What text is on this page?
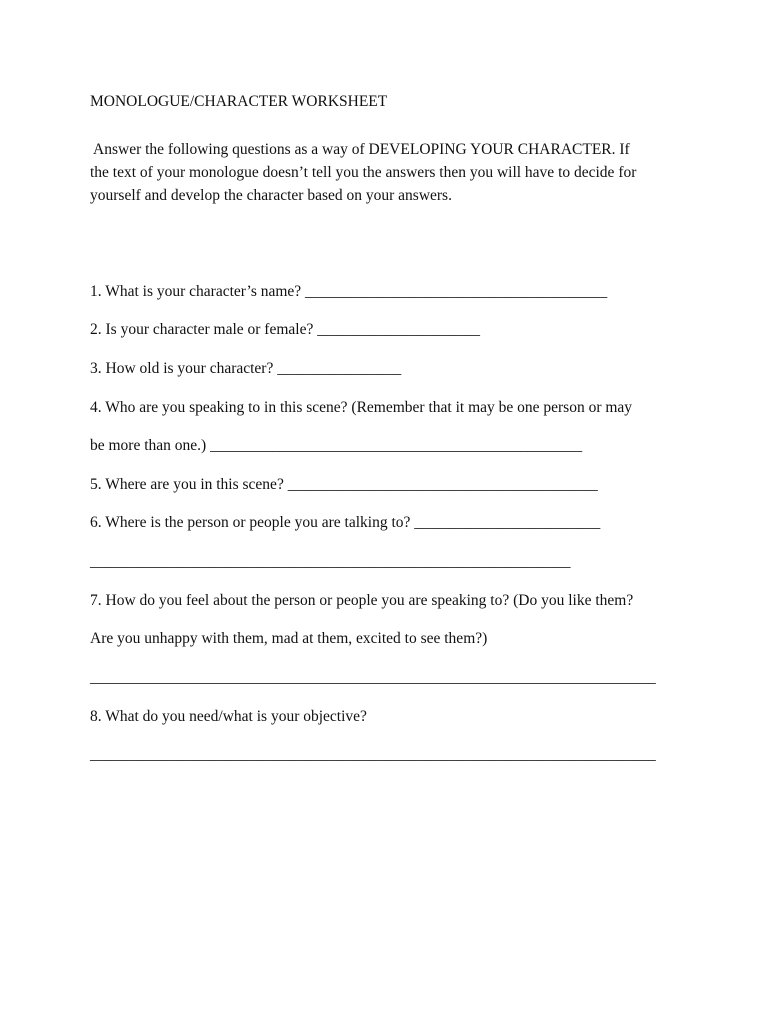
MONOLOGUE/CHARACTER WORKSHEET
Answer the following questions as a way of DEVELOPING YOUR CHARACTER. If
the text of your monologue doesn’t tell you the answers then you will have to decide for
yourself and develop the character based on your answers.

1. What is your character’s name? _______________________________________

2. Is your character male or female? _____________________

3. How old is your character? ________________

4. Who are you speaking to in this scene? (Remember that it may be one person or may

be more than one.) ________________________________________________

5. Where are you in this scene? ________________________________________

6. Where is the person or people you are talking to? ________________________

______________________________________________________________

7. How do you feel about the person or people you are speaking to? (Do you like them?

Are you unhappy with them, mad at them, excited to see them?)

_________________________________________________________________________

8. What do you need/what is your objective?

_________________________________________________________________________
